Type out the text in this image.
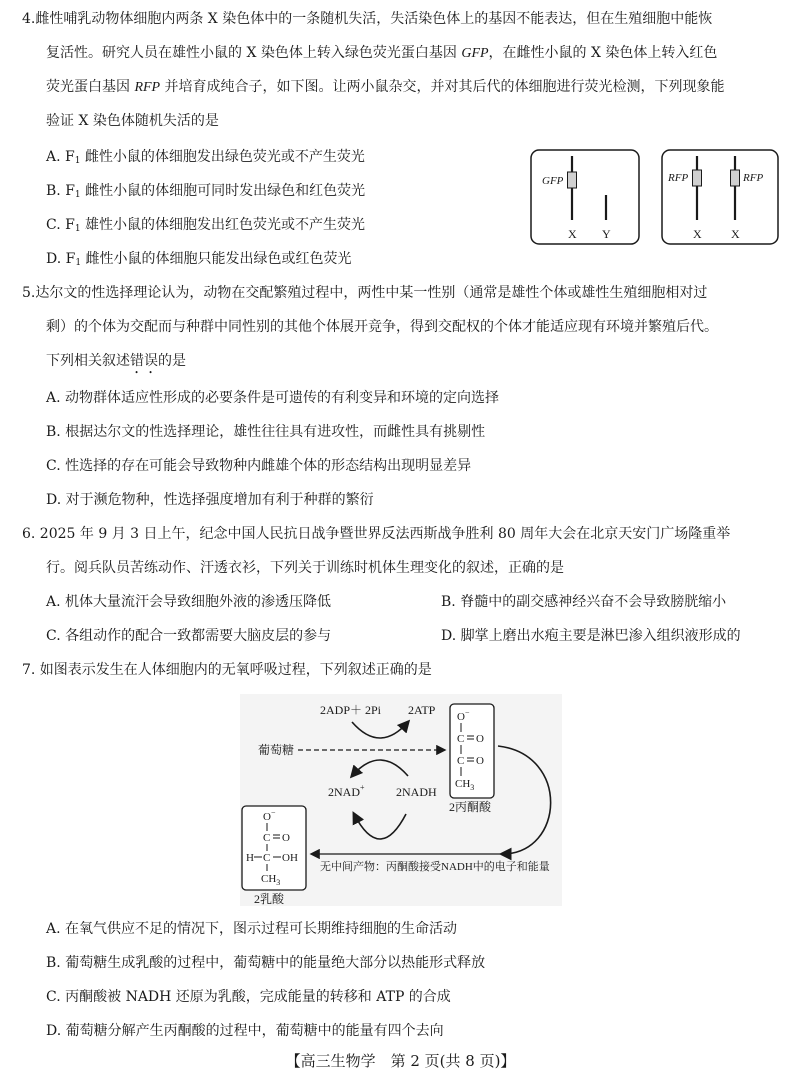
4.雌性哺乳动物体细胞内两条 X 染色体中的一条随机失活，失活染色体上的基因不能表达，但在生殖细胞中能恢
复活性。研究人员在雄性小鼠的 X 染色体上转入绿色荧光蛋白基因 GFP，在雌性小鼠的 X 染色体上转入红色
荧光蛋白基因 RFP 并培育成纯合子，如下图。让两小鼠杂交，并对其后代的体细胞进行荧光检测，下列现象能
验证 X 染色体随机失活的是
A. $F_1$ 雌性小鼠的体细胞发出绿色荧光或不产生荧光
B. $F_1$ 雌性小鼠的体细胞可同时发出绿色和红色荧光
C. $F_1$ 雄性小鼠的体细胞发出红色荧光或不产生荧光
D. $F_1$ 雌性小鼠的体细胞只能发出绿色或红色荧光
GFP
X Y
RFP	RFP
X X
5.达尔文的性选择理论认为，动物在交配繁殖过程中，两性中某一性别（通常是雄性个体或雄性生殖细胞相对过
剩）的个体为交配而与种群中同性别的其他个体展开竞争，得到交配权的个体才能适应现有环境并繁殖后代。
下列相关叙述错误的是
A. 动物群体适应性形成的必要条件是可遗传的有利变异和环境的定向选择
B. 根据达尔文的性选择理论，雄性往往具有进攻性，而雌性具有挑剔性
C. 性选择的存在可能会导致物种内雌雄个体的形态结构出现明显差异
D. 对于濒危物种，性选择强度增加有利于种群的繁衍
6. 2025 年 9 月 3 日上午，纪念中国人民抗日战争暨世界反法西斯战争胜利 80 周年大会在北京天安门广场隆重举
行。阅兵队员苦练动作、汗透衣衫，下列关于训练时机体生理变化的叙述，正确的是
A. 机体大量流汗会导致细胞外液的渗透压降低	B. 脊髓中的副交感神经兴奋不会导致膀胱缩小
C. 各组动作的配合一致都需要大脑皮层的参与	D. 脚掌上磨出水疱主要是淋巴渗入组织液形成的
7. 如图表示发生在人体细胞内的无氧呼吸过程，下列叙述正确的是
2ADP＋ 2Pi 2ATP
葡萄糖
2NAD+	2NADH
O−
C O
C O
$CH_3$
2丙酮酸
无中间产物：丙酮酸接受NADH中的电子和能量
O−
C O
H C OH
$CH_3$
2乳酸
A. 在氧气供应不足的情况下，图示过程可长期维持细胞的生命活动
B. 葡萄糖生成乳酸的过程中，葡萄糖中的能量绝大部分以热能形式释放
C. 丙酮酸被 NADH 还原为乳酸，完成能量的转移和 ATP 的合成
D. 葡萄糖分解产生丙酮酸的过程中，葡萄糖中的能量有四个去向
【高三生物学　第 2 页(共 8 页)】
